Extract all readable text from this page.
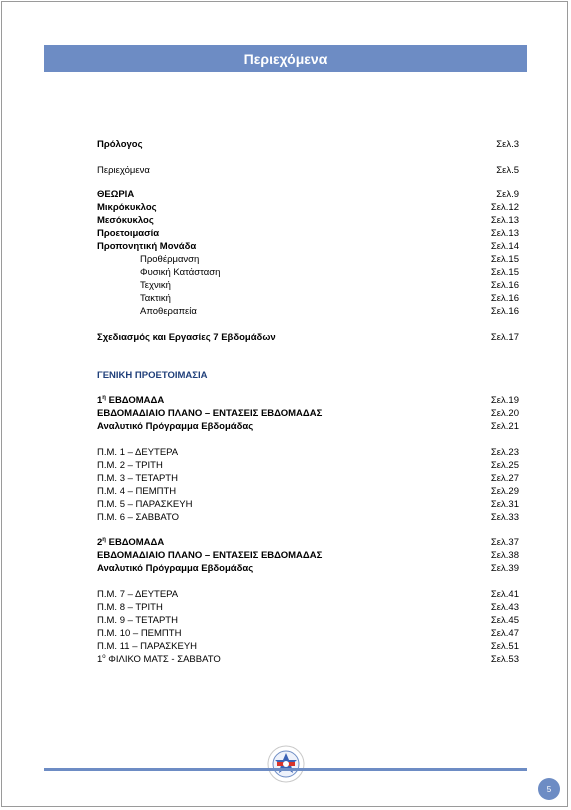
Περιεχόμενα
Πρόλογος	Σελ.3
Περιεχόμενα	Σελ.5
ΘΕΩΡΙΑ	Σελ.9
Μικρόκυκλος	Σελ.12
Μεσόκυκλος	Σελ.13
Προετοιμασία	Σελ.13
Προπονητική Μονάδα	Σελ.14
Προθέρμανση	Σελ.15
Φυσική Κατάσταση	Σελ.15
Τεχνική	Σελ.16
Τακτική	Σελ.16
Αποθεραπεία	Σελ.16
Σχεδιασμός και Εργασίες 7 Εβδομάδων	Σελ.17
ΓΕΝΙΚΗ ΠΡΟΕΤΟΙΜΑΣΙΑ
$1^\eta$ ΕΒΔΟΜΑΔΑ	Σελ.19
ΕΒΔΟΜΑΔΙΑΙΟ ΠΛΑΝΟ – ΕΝΤΑΣΕΙΣ ΕΒΔΟΜΑΔΑΣ	Σελ.20
Αναλυτικό Πρόγραμμα Εβδομάδας	Σελ.21
Π.Μ. 1 – ΔΕΥΤΕΡΑ	Σελ.23
Π.Μ. 2 – ΤΡΙΤΗ	Σελ.25
Π.Μ. 3 – ΤΕΤΑΡΤΗ	Σελ.27
Π.Μ. 4 – ΠΕΜΠΤΗ	Σελ.29
Π.Μ. 5 – ΠΑΡΑΣΚΕΥΗ	Σελ.31
Π.Μ. 6 – ΣΑΒΒΑΤΟ	Σελ.33
$2^\eta$ ΕΒΔΟΜΑΔΑ	Σελ.37
ΕΒΔΟΜΑΔΙΑΙΟ ΠΛΑΝΟ – ΕΝΤΑΣΕΙΣ ΕΒΔΟΜΑΔΑΣ	Σελ.38
Αναλυτικό Πρόγραμμα Εβδομάδας	Σελ.39
Π.Μ. 7 – ΔΕΥΤΕΡΑ	Σελ.41
Π.Μ. 8 – ΤΡΙΤΗ	Σελ.43
Π.Μ. 9 – ΤΕΤΑΡΤΗ	Σελ.45
Π.Μ. 10 – ΠΕΜΠΤΗ	Σελ.47
Π.Μ. 11 – ΠΑΡΑΣΚΕΥΗ	Σελ.51
$1^o$ ΦΙΛΙΚΟ ΜΑΤΣ - ΣΑΒΒΑΤΟ	Σελ.53
5
